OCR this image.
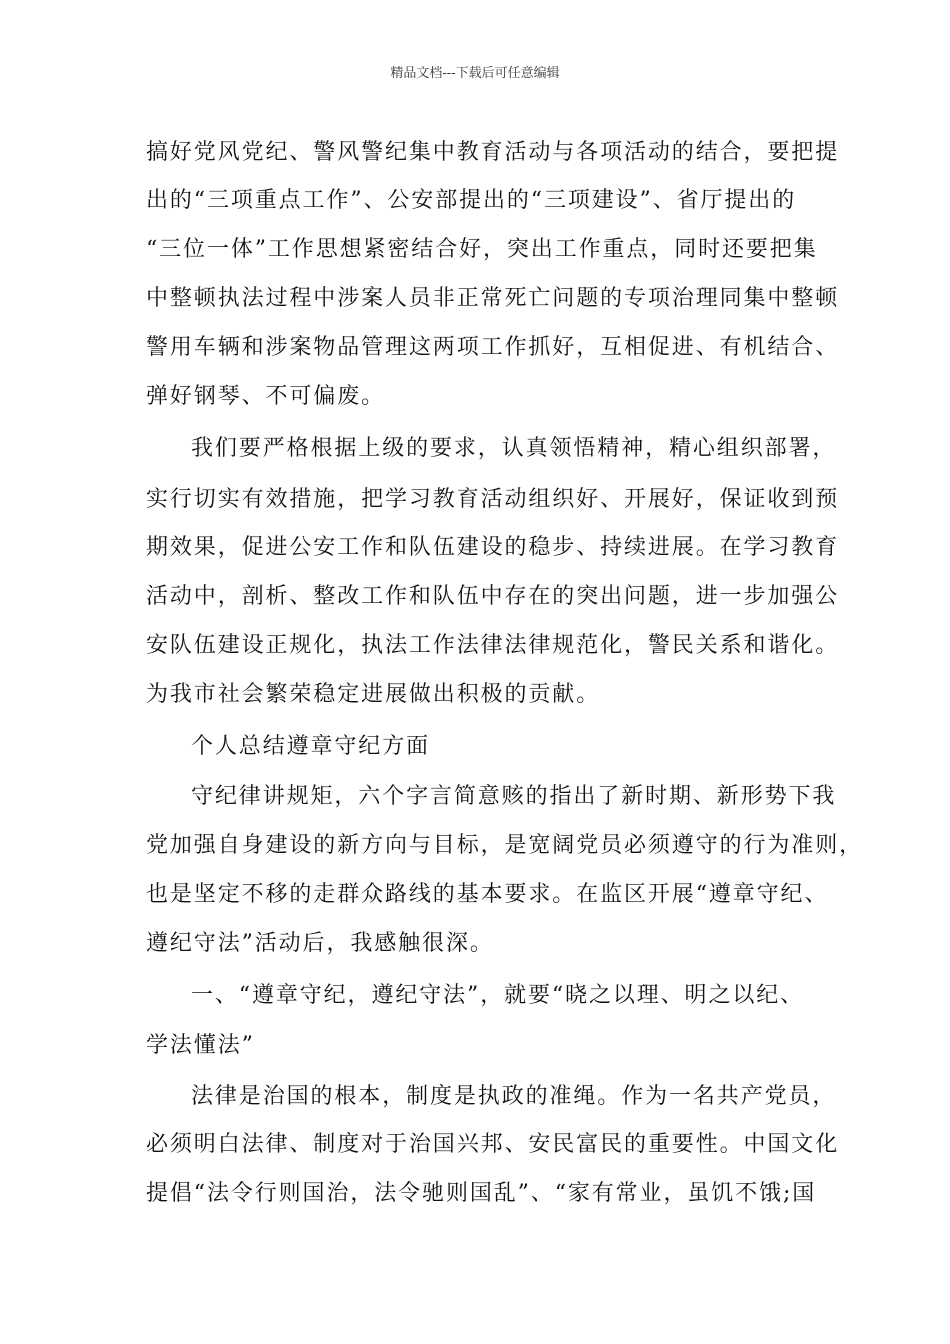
精品文档---下载后可任意编辑
搞好党风党纪、警风警纪集中教育活动与各项活动的结合，要把提
出的“三项重点工作”、公安部提出的“三项建设”、省厅提出的
“三位一体”工作思想紧密结合好，突出工作重点，同时还要把集
中整顿执法过程中涉案人员非正常死亡问题的专项治理同集中整顿
警用车辆和涉案物品管理这两项工作抓好，互相促进、有机结合、
弹好钢琴、不可偏废。
我们要严格根据上级的要求，认真领悟精神，精心组织部署，
实行切实有效措施，把学习教育活动组织好、开展好，保证收到预
期效果，促进公安工作和队伍建设的稳步、持续进展。在学习教育
活动中，剖析、整改工作和队伍中存在的突出问题，进一步加强公
安队伍建设正规化，执法工作法律法律规范化，警民关系和谐化。
为我市社会繁荣稳定进展做出积极的贡献。
个人总结遵章守纪方面
守纪律讲规矩，六个字言简意赅的指出了新时期、新形势下我
党加强自身建设的新方向与目标，是宽阔党员必须遵守的行为准则，
也是坚定不移的走群众路线的基本要求。在监区开展“遵章守纪、
遵纪守法”活动后，我感触很深。
一、“遵章守纪，遵纪守法”，就要“晓之以理、明之以纪、
学法懂法”
法律是治国的根本，制度是执政的准绳。作为一名共产党员，
必须明白法律、制度对于治国兴邦、安民富民的重要性。中国文化
提倡“法令行则国治，法令驰则国乱”、“家有常业，虽饥不饿;国
